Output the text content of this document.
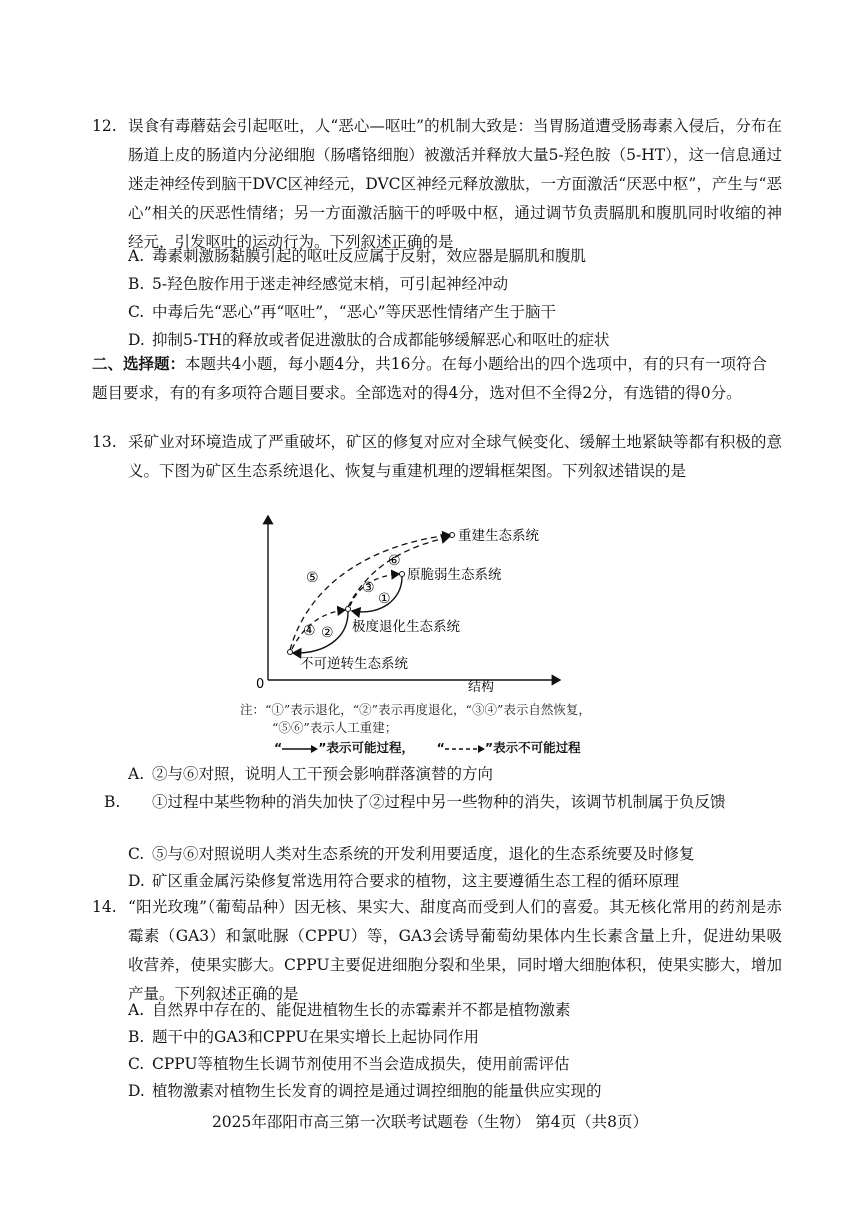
12. 误食有毒蘑菇会引起呕吐，人“恶心—呕吐”的机制大致是：当胃肠道遭受肠毒素入侵后，分布在肠道上皮的肠道内分泌细胞（肠嗜铬细胞）被激活并释放大量5-羟色胺（5-HT），这一信息通过迷走神经传到脑干DVC区神经元，DVC区神经元释放激肽，一方面激活“厌恶中枢”，产生与“恶心”相关的厌恶性情绪；另一方面激活脑干的呼吸中枢，通过调节负责膈肌和腹肌同时收缩的神经元，引发呕吐的运动行为。下列叙述正确的是
A. 毒素刺激肠黏膜引起的呕吐反应属于反射，效应器是膈肌和腹肌
B. 5-羟色胺作用于迷走神经感觉末梢，可引起神经冲动
C. 中毒后先“恶心”再“呕吐”，“恶心”等厌恶性情绪产生于脑干
D. 抑制5-TH的释放或者促进激肽的合成都能够缓解恶心和呕吐的症状
二、选择题：本题共4小题，每小题4分，共16分。在每小题给出的四个选项中，有的只有一项符合题目要求，有的有多项符合题目要求。全部选对的得4分，选对但不全得2分，有选错的得0分。
13. 采矿业对环境造成了严重破坏，矿区的修复对应对全球气候变化、缓解土地紧缺等都有积极的意义。下图为矿区生态系统退化、恢复与重建机理的逻辑框架图。下列叙述错误的是
0	结构
重建生态系统
原脆弱生态系统
极度退化生态系统
不可逆转生态系统
⑤
⑥
③
①
④ ②
注：“①”表示退化，“②”表示再度退化，“③④”表示自然恢复，
“⑤⑥”表示人工重建；
“	”表示可能过程， “	”表示不可能过程
A. ②与⑥对照，说明人工干预会影响群落演替的方向
B. ①过程中某些物种的消失加快了②过程中另一些物种的消失，该调节机制属于负反馈
C. ⑤与⑥对照说明人类对生态系统的开发利用要适度，退化的生态系统要及时修复
D. 矿区重金属污染修复常选用符合要求的植物，这主要遵循生态工程的循环原理
14. “阳光玫瑰”（葡萄品种）因无核、果实大、甜度高而受到人们的喜爱。其无核化常用的药剂是赤霉素（GA3）和氯吡脲（CPPU）等，GA3会诱导葡萄幼果体内生长素含量上升，促进幼果吸收营养，使果实膨大。CPPU主要促进细胞分裂和坐果，同时增大细胞体积，使果实膨大，增加产量。下列叙述正确的是
A. 自然界中存在的、能促进植物生长的赤霉素并不都是植物激素
B. 题干中的GA3和CPPU在果实增长上起协同作用
C. CPPU等植物生长调节剂使用不当会造成损失，使用前需评估
D. 植物激素对植物生长发育的调控是通过调控细胞的能量供应实现的
2025年邵阳市高三第一次联考试题卷（生物） 第4页（共8页）
